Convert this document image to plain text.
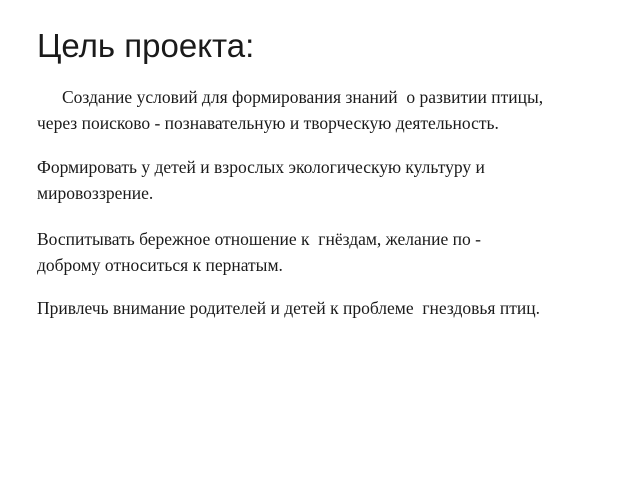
Цель проекта:

Создание условий для формирования знаний  о развитии птицы,
через поисково - познавательную и творческую деятельность.

Формировать у детей и взрослых экологическую культуру и
мировоззрение.

Воспитывать бережное отношение к  гнёздам, желание по -
доброму относиться к пернатым.

Привлечь внимание родителей и детей к проблеме  гнездовья птиц.
